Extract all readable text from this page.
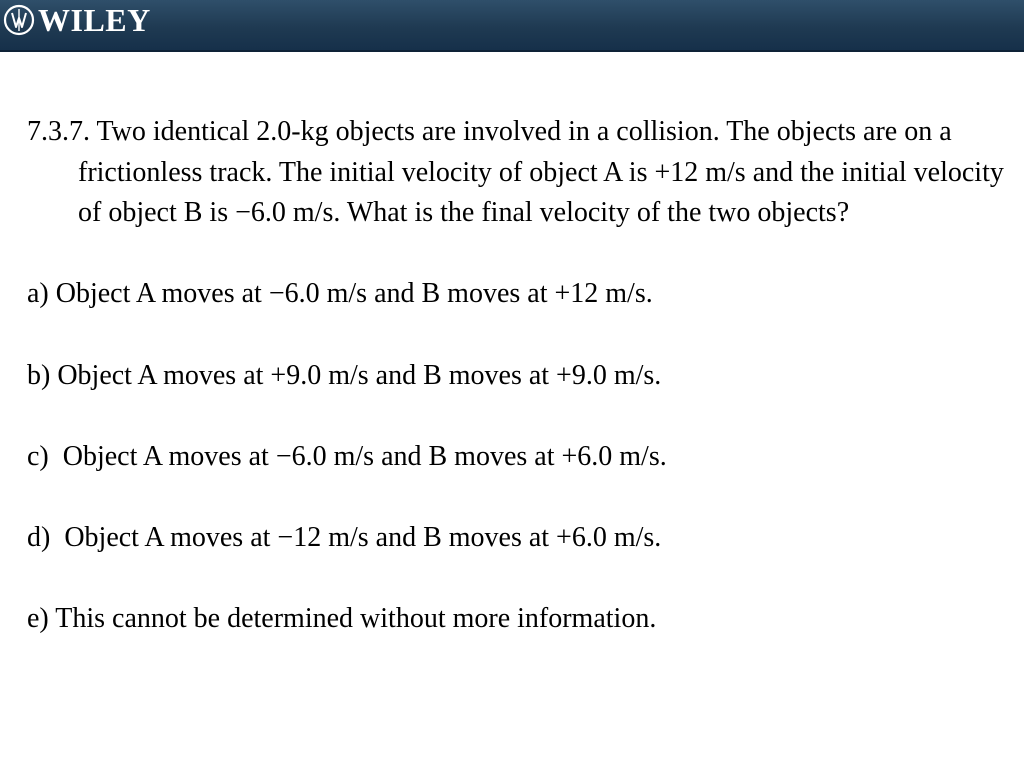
WILEY

7.3.7. Two identical 2.0-kg objects are involved in a collision. The objects are on a frictionless track. The initial velocity of object A is +12 m/s and the initial velocity of object B is −6.0 m/s. What is the final velocity of the two objects?

a) Object A moves at −6.0 m/s and B moves at +12 m/s.

b) Object A moves at +9.0 m/s and B moves at +9.0 m/s.

c)  Object A moves at −6.0 m/s and B moves at +6.0 m/s.

d)  Object A moves at −12 m/s and B moves at +6.0 m/s.

e) This cannot be determined without more information.
